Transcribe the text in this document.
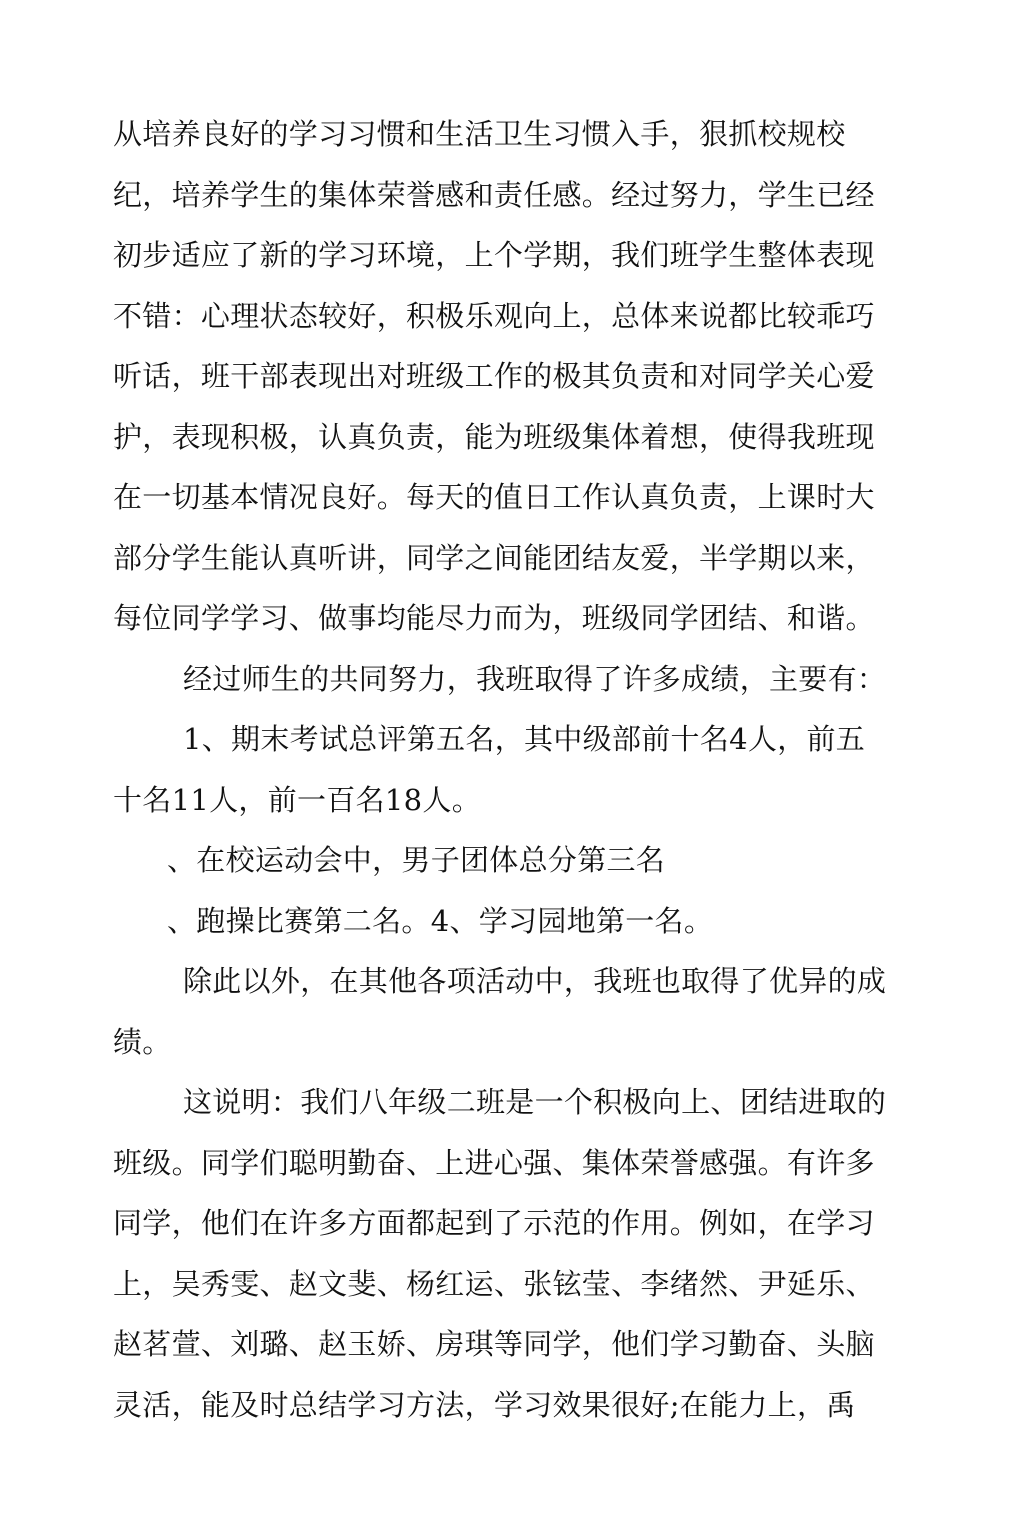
从培养良好的学习习惯和生活卫生习惯入手，狠抓校规校
纪，培养学生的集体荣誉感和责任感。经过努力，学生已经
初步适应了新的学习环境，上个学期，我们班学生整体表现
不错：心理状态较好，积极乐观向上，总体来说都比较乖巧
听话，班干部表现出对班级工作的极其负责和对同学关心爱
护，表现积极，认真负责，能为班级集体着想，使得我班现
在一切基本情况良好。每天的值日工作认真负责，上课时大
部分学生能认真听讲，同学之间能团结友爱，半学期以来，
每位同学学习、做事均能尽力而为，班级同学团结、和谐。
经过师生的共同努力，我班取得了许多成绩，主要有：
1、期末考试总评第五名，其中级部前十名4人，前五
十名11人，前一百名18人。
、在校运动会中，男子团体总分第三名
、跑操比赛第二名。4、学习园地第一名。
除此以外，在其他各项活动中，我班也取得了优异的成
绩。
这说明：我们八年级二班是一个积极向上、团结进取的
班级。同学们聪明勤奋、上进心强、集体荣誉感强。有许多
同学，他们在许多方面都起到了示范的作用。例如，在学习
上，吴秀雯、赵文斐、杨红运、张铉莹、李绪然、尹延乐、
赵茗萱、刘璐、赵玉娇、房琪等同学，他们学习勤奋、头脑
灵活，能及时总结学习方法，学习效果很好;在能力上，禹
